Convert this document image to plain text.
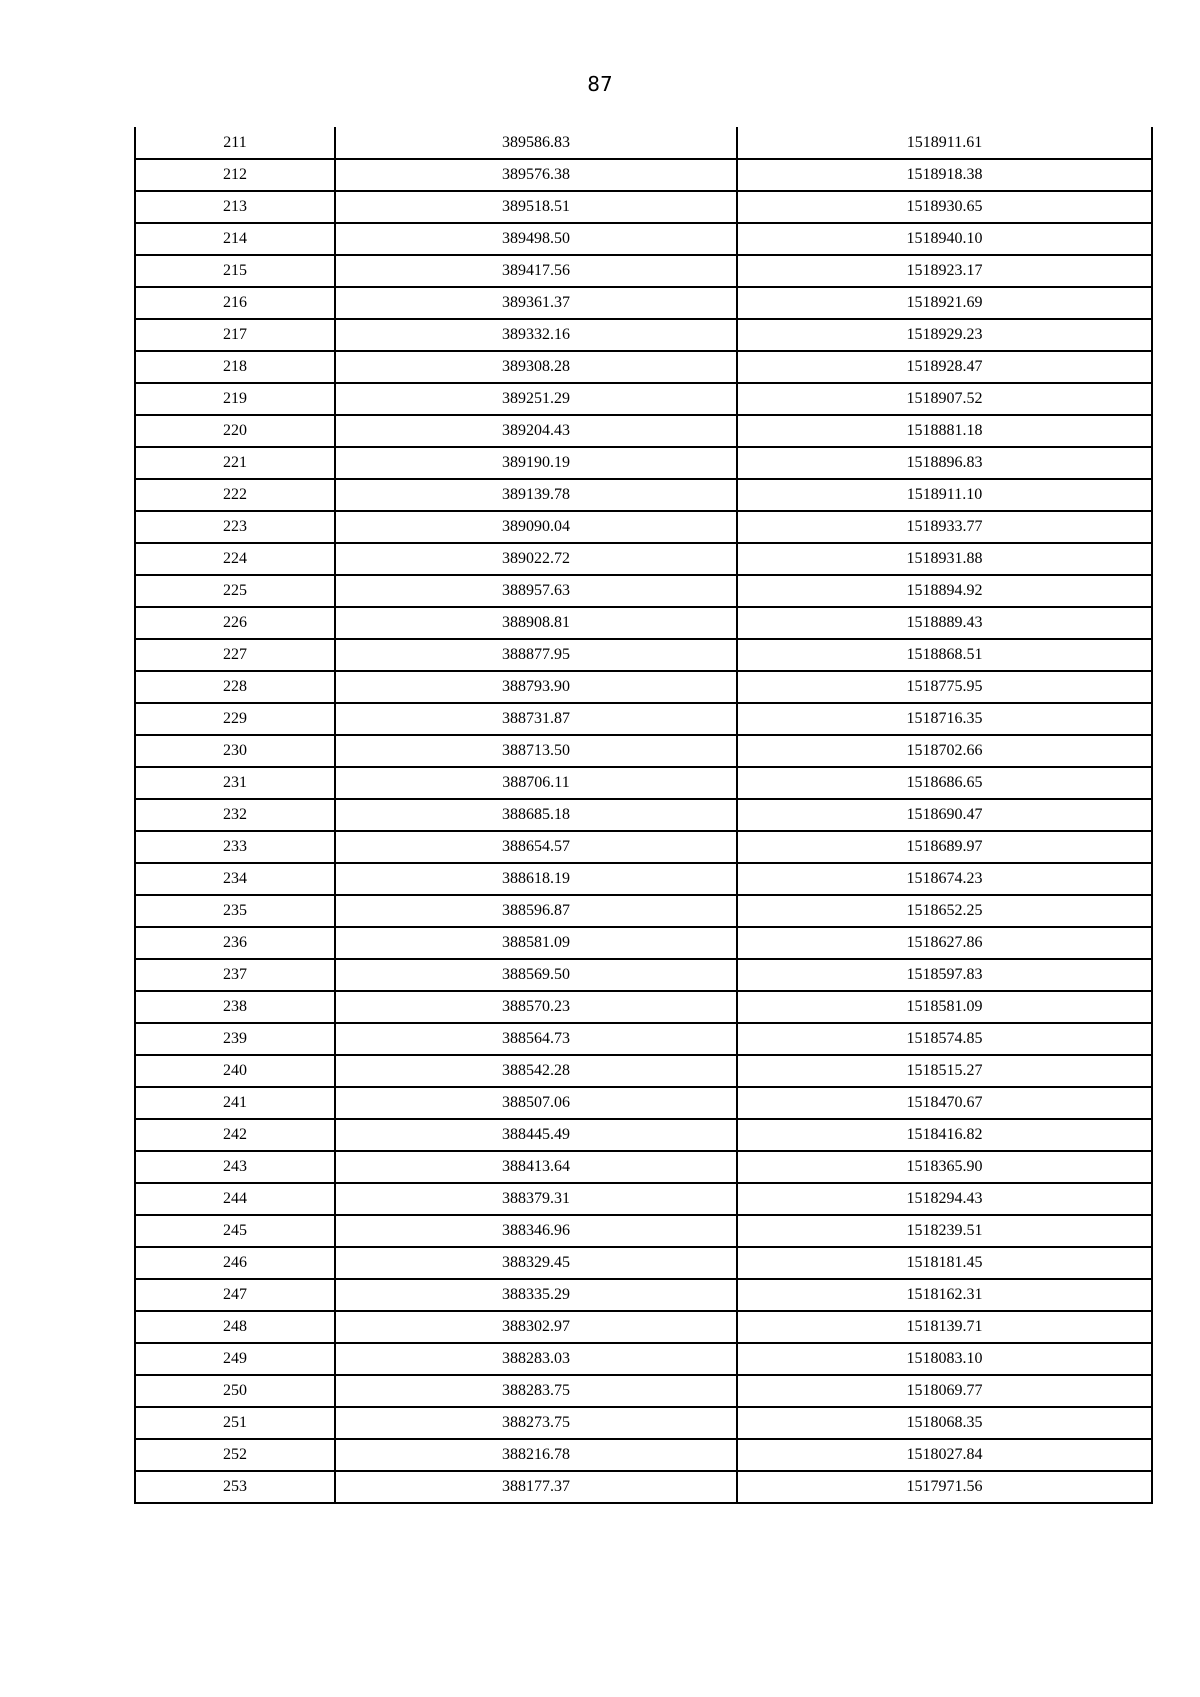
87
211	389586.83	1518911.61
212	389576.38	1518918.38
213	389518.51	1518930.65
214	389498.50	1518940.10
215	389417.56	1518923.17
216	389361.37	1518921.69
217	389332.16	1518929.23
218	389308.28	1518928.47
219	389251.29	1518907.52
220	389204.43	1518881.18
221	389190.19	1518896.83
222	389139.78	1518911.10
223	389090.04	1518933.77
224	389022.72	1518931.88
225	388957.63	1518894.92
226	388908.81	1518889.43
227	388877.95	1518868.51
228	388793.90	1518775.95
229	388731.87	1518716.35
230	388713.50	1518702.66
231	388706.11	1518686.65
232	388685.18	1518690.47
233	388654.57	1518689.97
234	388618.19	1518674.23
235	388596.87	1518652.25
236	388581.09	1518627.86
237	388569.50	1518597.83
238	388570.23	1518581.09
239	388564.73	1518574.85
240	388542.28	1518515.27
241	388507.06	1518470.67
242	388445.49	1518416.82
243	388413.64	1518365.90
244	388379.31	1518294.43
245	388346.96	1518239.51
246	388329.45	1518181.45
247	388335.29	1518162.31
248	388302.97	1518139.71
249	388283.03	1518083.10
250	388283.75	1518069.77
251	388273.75	1518068.35
252	388216.78	1518027.84
253	388177.37	1517971.56
